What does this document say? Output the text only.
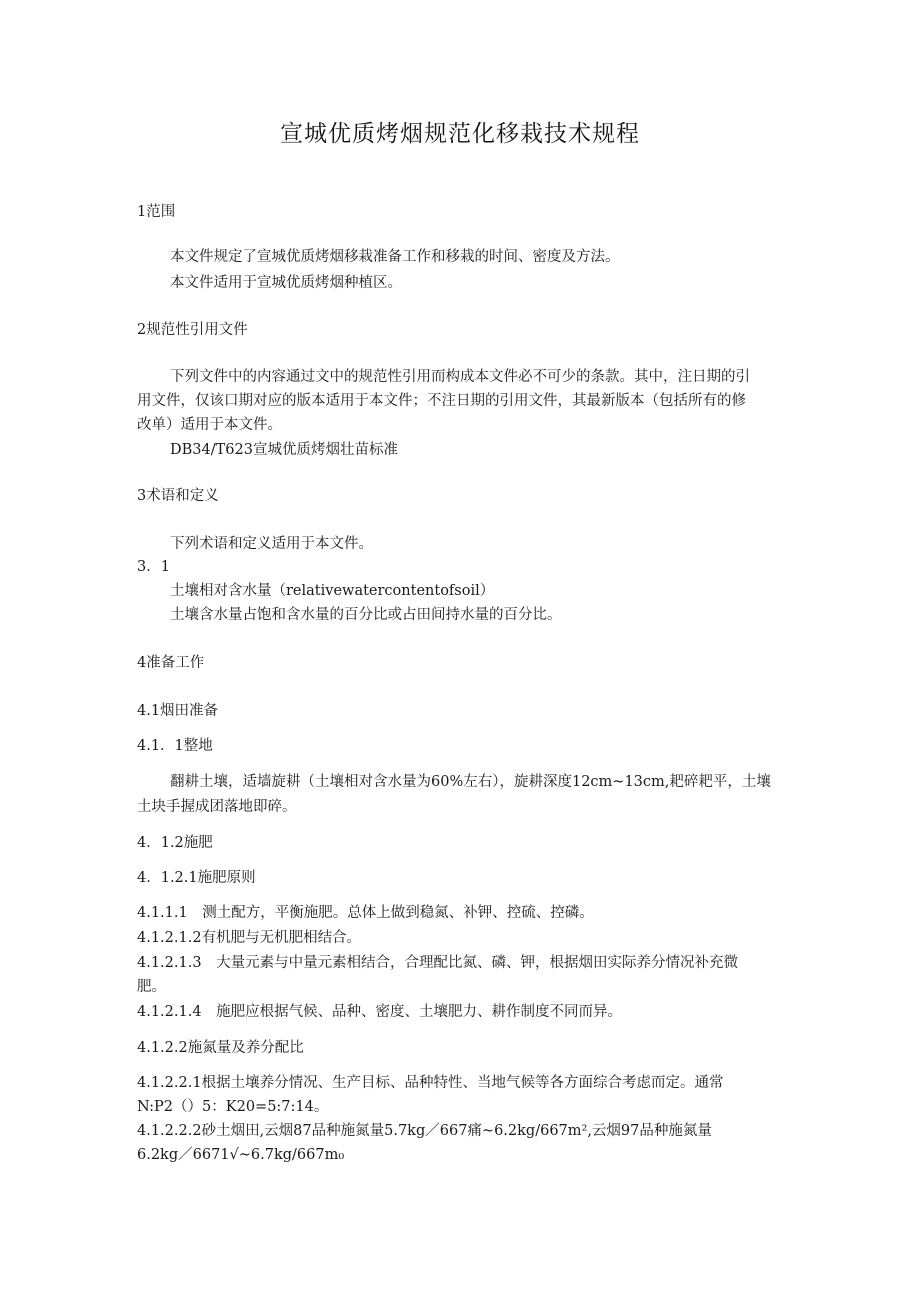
宣城优质烤烟规范化移栽技术规程
1范围
本文件规定了宣城优质烤烟移栽准备工作和移栽的时间、密度及方法。
本文件适用于宣城优质烤烟种植区。
2规范性引用文件
下列文件中的内容通过文中的规范性引用而构成本文件必不可少的条款。其中，注日期的引
用文件，仅该口期对应的版本适用于本文件；不注日期的引用文件，其最新版本（包括所有的修
改单）适用于本文件。
DB34/T623宣城优质烤烟壮苗标准
3术语和定义
下列术语和定义适用于本文件。
3．1
土壤相对含水量（relativewatercontentofsoil）
土壤含水量占饱和含水量的百分比或占田间持水量的百分比。
4准备工作
4.1烟田准备
4.1．1整地
翻耕土壤，适墙旋耕（土壤相对含水量为60%左右），旋耕深度12cm~13cm,耙碎耙平，土壤
土块手握成团落地即碎。
4．1.2施肥
4．1.2.1施肥原则
4.1.1.1　测土配方，平衡施肥。总体上做到稳氮、补钾、控硫、控磷。
4.1.2.1.2有机肥与无机肥相结合。
4.1.2.1.3　大量元素与中量元素相结合，合理配比氮、磷、钾，根据烟田实际养分情况补充微
肥。
4.1.2.1.4　施肥应根据气候、品种、密度、土壤肥力、耕作制度不同而异。
4.1.2.2施氮量及养分配比
4.1.2.2.1根据土壤养分情况、生产目标、品种特性、当地气候等各方面综合考虑而定。通常
N:P2（）5：K20=5:7:14。
4.1.2.2.2砂土烟田,云烟87品种施氮量5.7kg／667痛~6.2kg/667m²,云烟97品种施氮量
6.2kg／6671√~6.7kg/667m₀
